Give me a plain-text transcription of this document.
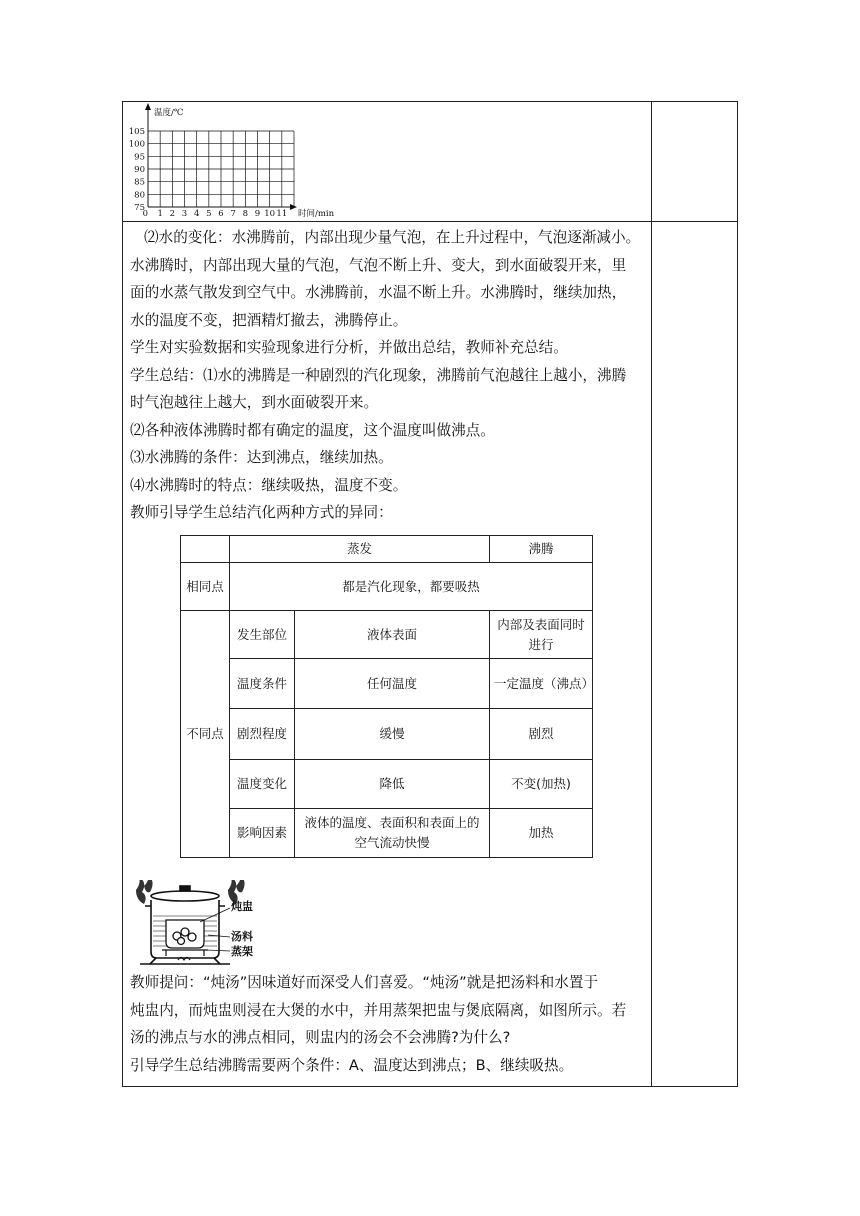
温度/℃
时间/min
105
100
95
90
85
80
75
0 1 2 3 4 5 6 7 8 9 10 11

⑵水的变化：水沸腾前，内部出现少量气泡，在上升过程中，气泡逐渐减小。

水沸腾时，内部出现大量的气泡，气泡不断上升、变大，到水面破裂开来，里

面的水蒸气散发到空气中。水沸腾前，水温不断上升。水沸腾时，继续加热，

水的温度不变，把酒精灯撤去，沸腾停止。

学生对实验数据和实验现象进行分析，并做出总结，教师补充总结。

学生总结：⑴水的沸腾是一种剧烈的汽化现象，沸腾前气泡越往上越小，沸腾

时气泡越往上越大，到水面破裂开来。

⑵各种液体沸腾时都有确定的温度，这个温度叫做沸点。

⑶水沸腾的条件：达到沸点，继续加热。

⑷水沸腾时的特点：继续吸热，温度不变。

教师引导学生总结汽化两种方式的异同：

	蒸发		沸腾
相同点	都是汽化现象，都要吸热		
不同点	发生部位	液体表面	内部及表面同时进行
	温度条件	任何温度	一定温度（沸点）
	剧烈程度	缓慢	剧烈
	温度变化	降低	不变(加热)
	影响因素	液体的温度、表面积和表面上的空气流动快慢	加热
炖盅
汤料
蒸架

教师提问：“炖汤”因味道好而深受人们喜爱。“炖汤”就是把汤料和水置于

炖盅内，而炖盅则浸在大煲的水中，并用蒸架把盅与煲底隔离，如图所示。若

汤的沸点与水的沸点相同，则盅内的汤会不会沸腾?为什么?

引导学生总结沸腾需要两个条件：A、温度达到沸点；B、继续吸热。
